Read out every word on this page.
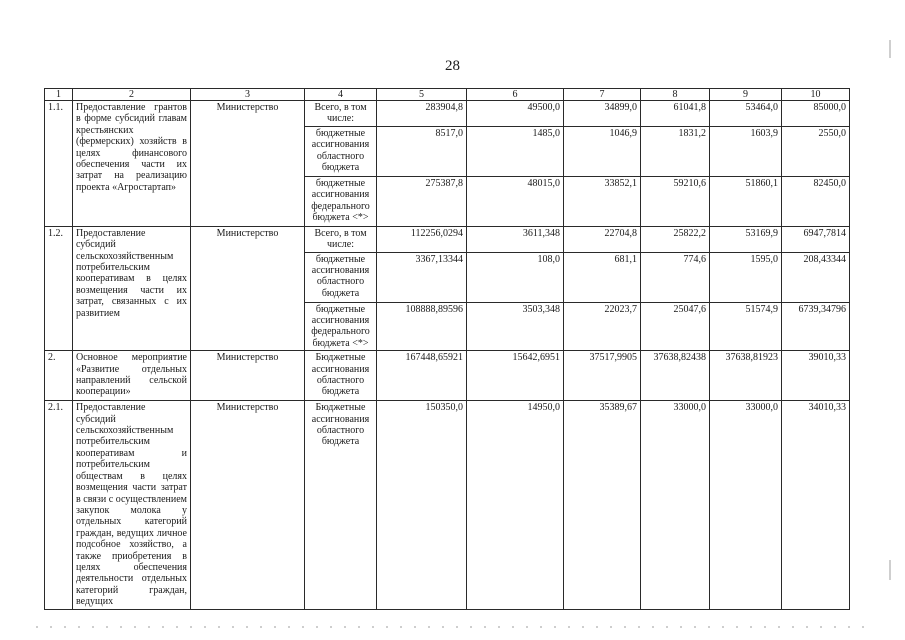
28
1	2	3	4	5	6	7	8	9	10
1.1.	Предоставление грантов в форме субсидий главам крестьянских (фермерских) хозяйств в целях финансового обеспечения части их затрат на реализацию проекта «Агростартап»	Министерство	Всего, в том числе:	283904,8	49500,0	34899,0	61041,8	53464,0	85000,0
			бюджетные ассигнования областного бюджета	8517,0	1485,0	1046,9	1831,2	1603,9	2550,0
			бюджетные ассигнования федерального бюджета <*>	275387,8	48015,0	33852,1	59210,6	51860,1	82450,0
1.2.	Предоставление субсидий сельскохозяйственным потребительским кооперативам в целях возмещения части их затрат, связанных с их развитием	Министерство	Всего, в том числе:	112256,0294	3611,348	22704,8	25822,2	53169,9	6947,7814
			бюджетные ассигнования областного бюджета	3367,13344	108,0	681,1	774,6	1595,0	208,43344
			бюджетные ассигнования федерального бюджета <*>	108888,89596	3503,348	22023,7	25047,6	51574,9	6739,34796
2.	Основное мероприятие «Развитие отдельных направлений сельской кооперации»	Министерство	Бюджетные ассигнования областного бюджета	167448,65921	15642,6951	37517,9905	37638,82438	37638,81923	39010,33
2.1.	Предоставление субсидий сельскохозяйственным потребительским кооперативам и потребительским обществам в целях возмещения части затрат в связи с осуществлением закупок молока у отдельных категорий граждан, ведущих личное подсобное хозяйство, а также приобретения в целях обеспечения деятельности отдельных категорий граждан, ведущих	Министерство	Бюджетные ассигнования областного бюджета	150350,0	14950,0	35389,67	33000,0	33000,0	34010,33
